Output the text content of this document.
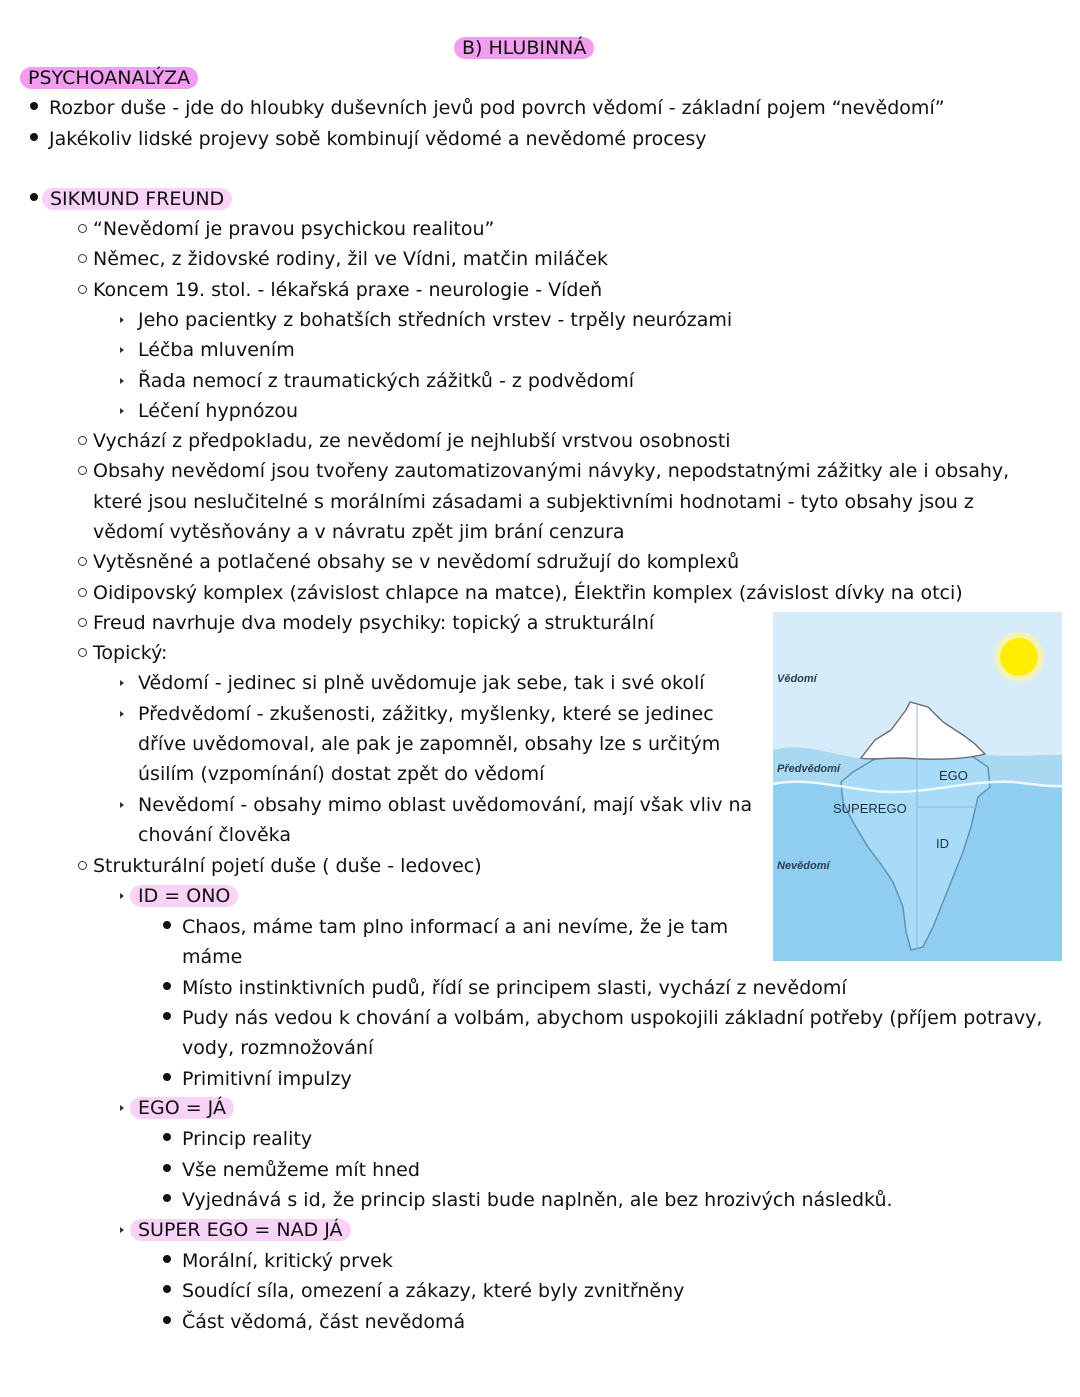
B) HLUBINNÁ
PSYCHOANALÝZA
Rozbor duše - jde do hloubky duševních jevů pod povrch vědomí - základní pojem “nevědomí”
Jakékoliv lidské projevy sobě kombinují vědomé a nevědomé procesy
SIKMUND FREUND
“Nevědomí je pravou psychickou realitou”
Němec, z židovské rodiny, žil ve Vídni, matčin miláček
Koncem 19. stol. - lékařská praxe - neurologie - Vídeň
Jeho pacientky z bohatších středních vrstev - trpěly neurózami
Léčba mluvením
Řada nemocí z traumatických zážitků - z podvědomí
Léčení hypnózou
Vychází z předpokladu, ze nevědomí je nejhlubší vrstvou osobnosti
Obsahy nevědomí jsou tvořeny zautomatizovanými návyky, nepodstatnými zážitky ale i obsahy,
které jsou neslučitelné s morálními zásadami a subjektivními hodnotami - tyto obsahy jsou z
vědomí vytěsňovány a v návratu zpět jim brání cenzura
Vytěsněné a potlačené obsahy se v nevědomí sdružují do komplexů
Oidipovský komplex (závislost chlapce na matce), Élektřin komplex (závislost dívky na otci)
Freud navrhuje dva modely psychiky: topický a strukturální
Topický:
Vědomí - jedinec si plně uvědomuje jak sebe, tak i své okolí
Předvědomí - zkušenosti, zážitky, myšlenky, které se jedinec
dříve uvědomoval, ale pak je zapomněl, obsahy lze s určitým
úsilím (vzpomínání) dostat zpět do vědomí
Nevědomí - obsahy mimo oblast uvědomování, mají však vliv na
chování člověka
Strukturální pojetí duše ( duše - ledovec)
ID = ONO
Chaos, máme tam plno informací a ani nevíme, že je tam
máme
Místo instinktivních pudů, řídí se principem slasti, vychází z nevědomí
Pudy nás vedou k chování a volbám, abychom uspokojili základní potřeby (příjem potravy,
vody, rozmnožování
Primitivní impulzy
EGO = JÁ
Princip reality
Vše nemůžeme mít hned
Vyjednává s id, že princip slasti bude naplněn, ale bez hrozivých následků.
SUPER EGO = NAD JÁ
Morální, kritický prvek
Soudící síla, omezení a zákazy, které byly zvnitřněny
Část vědomá, část nevědomá
Vědomí
Předvědomí
Nevědomí
EGO
SUPEREGO
ID
